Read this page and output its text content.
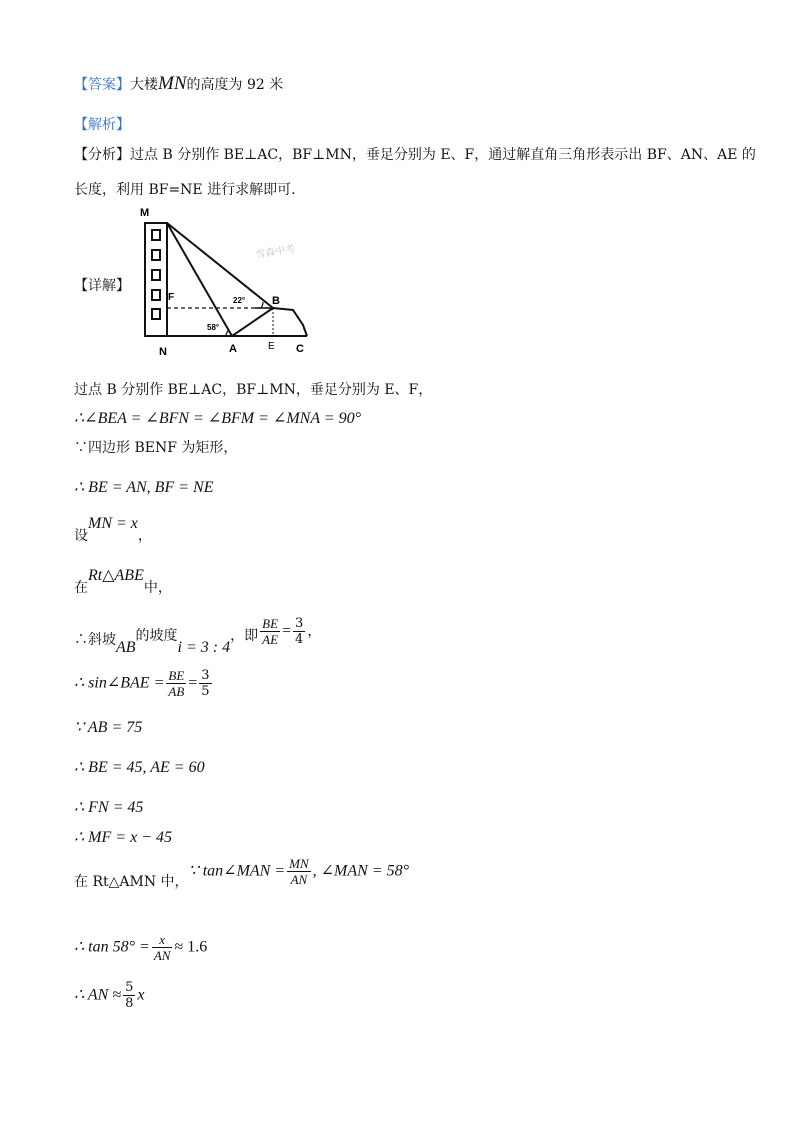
【答案】大楼MN的高度为 92 米
【解析】
【分析】过点 B 分别作 BE⊥AC，BF⊥MN，垂足分别为 E、F，通过解直角三角形表示出 BF、AN、AE 的
长度，利用 BF=NE 进行求解即可.
【详解】
雪森中考
M
N	A
B
C
E
F	22°
58°
过点 B 分别作 BE⊥AC，BF⊥MN，垂足分别为 E、F，
∴∠BEA = ∠BFN = ∠BFM = ∠MNA = 90°
∵四边形 BENF 为矩形，
∴ BE = AN, BF = NE
设MN = x，
在Rt△ABE中，
∴斜坡AB的坡度i = 3 : 4，即 $\frac{BE}{AE} = \frac{3}{4}$ ，
∴ sin∠BAE = $\frac{BE}{AB} = \frac{3}{5}$
∵ AB = 75
∴ BE = 45, AE = 60
∴ FN = 45
∴ MF = x − 45
在 Rt△AMN 中，∵ tan∠MAN = $\frac{MN}{AN}$ , ∠MAN = 58°
∴ $\tan 58^\circ = \frac{x}{AN} \approx 1.6$
∴ AN ≈ $\frac{5}{8}$ x
